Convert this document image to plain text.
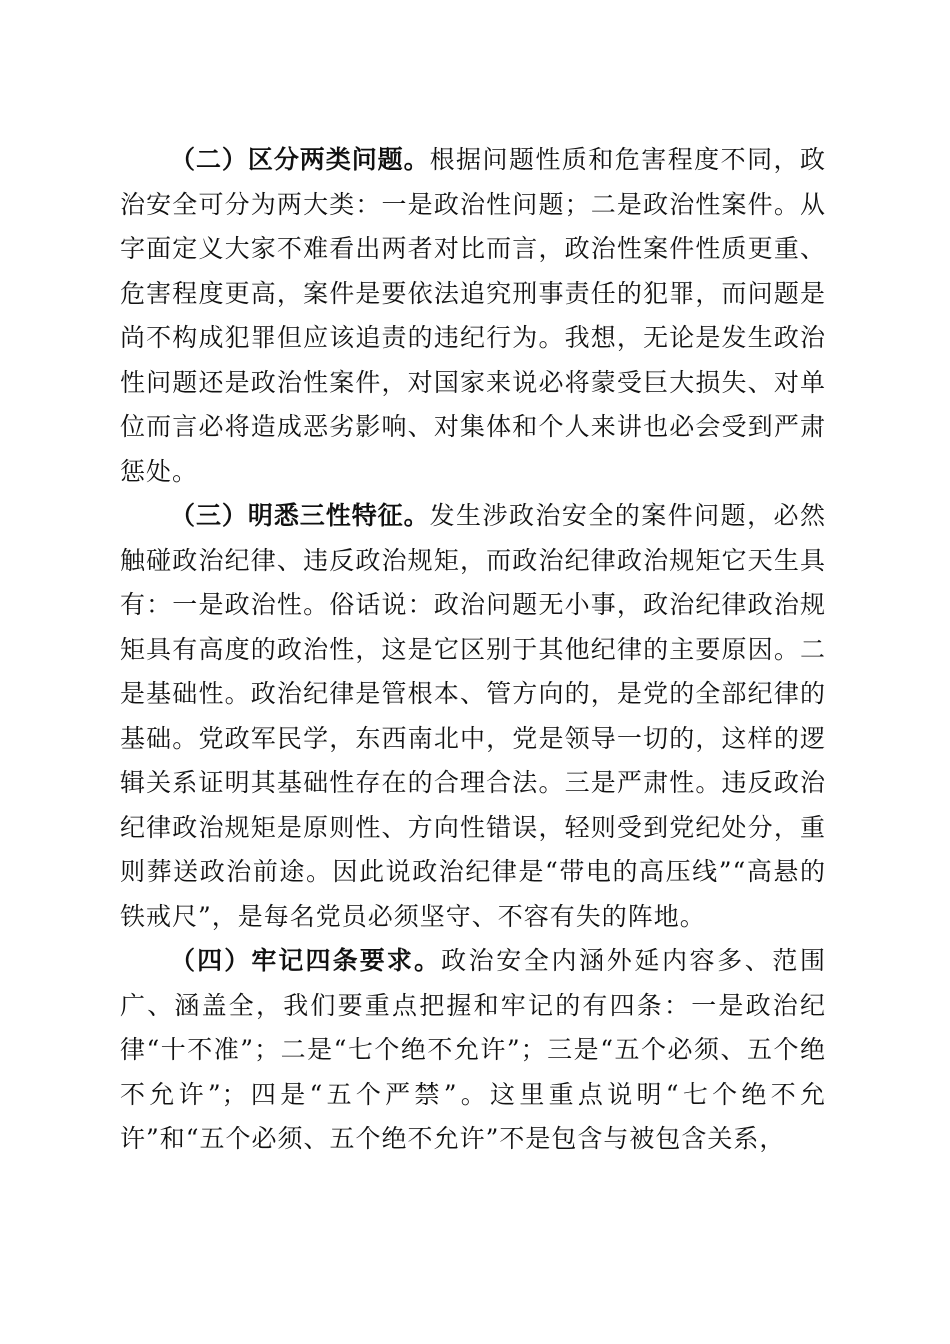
（二）区分两类问题。根据问题性质和危害程度不同，政治安全可分为两大类：一是政治性问题；二是政治性案件。从字面定义大家不难看出两者对比而言，政治性案件性质更重、危害程度更高，案件是要依法追究刑事责任的犯罪，而问题是尚不构成犯罪但应该追责的违纪行为。我想，无论是发生政治性问题还是政治性案件，对国家来说必将蒙受巨大损失、对单位而言必将造成恶劣影响、对集体和个人来讲也必会受到严肃惩处。

（三）明悉三性特征。发生涉政治安全的案件问题，必然触碰政治纪律、违反政治规矩，而政治纪律政治规矩它天生具有：一是政治性。俗话说：政治问题无小事，政治纪律政治规矩具有高度的政治性，这是它区别于其他纪律的主要原因。二是基础性。政治纪律是管根本、管方向的，是党的全部纪律的基础。党政军民学，东西南北中，党是领导一切的，这样的逻辑关系证明其基础性存在的合理合法。三是严肃性。违反政治纪律政治规矩是原则性、方向性错误，轻则受到党纪处分，重则葬送政治前途。因此说政治纪律是“带电的高压线”“高悬的铁戒尺”，是每名党员必须坚守、不容有失的阵地。

（四）牢记四条要求。政治安全内涵外延内容多、范围广、涵盖全，我们要重点把握和牢记的有四条：一是政治纪律“十不准”；二是“七个绝不允许”；三是“五个必须、五个绝不允许”；四是“五个严禁”。这里重点说明“七个绝不允许”和“五个必须、五个绝不允许”不是包含与被包含关系，
